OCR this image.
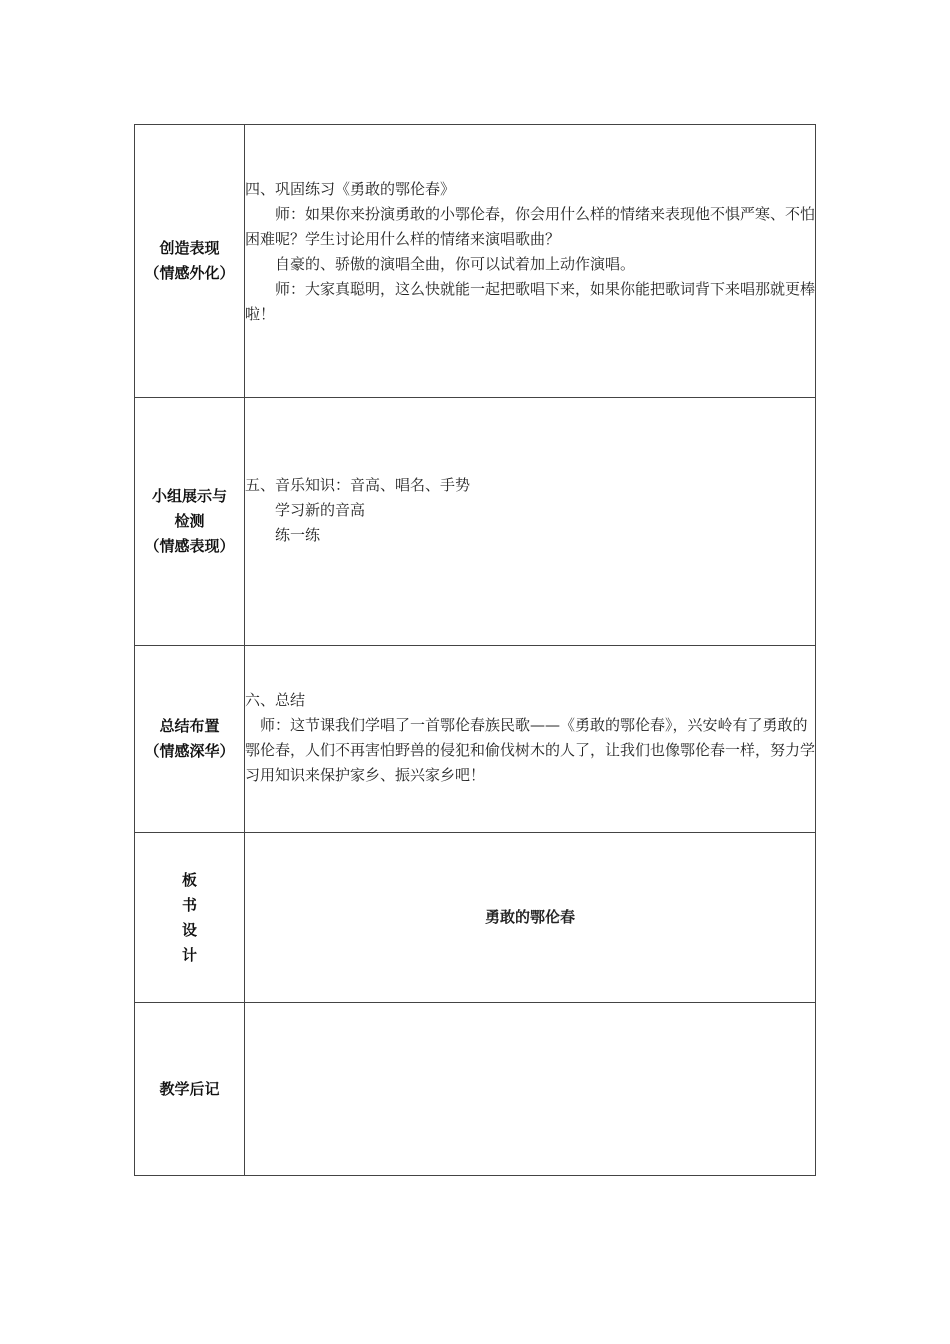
创造表现
（情感外化）	四、巩固练习《勇敢的鄂伦春》
师：如果你来扮演勇敢的小鄂伦春，你会用什么样的情绪来表现他不惧严寒、不怕困难呢？学生讨论用什么样的情绪来演唱歌曲？
自豪的、骄傲的演唱全曲，你可以试着加上动作演唱。
师：大家真聪明，这么快就能一起把歌唱下来，如果你能把歌词背下来唱那就更棒啦！

小组展示与
检测
（情感表现）	五、音乐知识：音高、唱名、手势
学习新的音高
练一练

总结布置
（情感深华）	六、总结
师：这节课我们学唱了一首鄂伦春族民歌——《勇敢的鄂伦春》，兴安岭有了勇敢的鄂伦春，人们不再害怕野兽的侵犯和偷伐树木的人了，让我们也像鄂伦春一样，努力学习用知识来保护家乡、振兴家乡吧！

板
书
设
计	勇敢的鄂伦春

教学后记	
